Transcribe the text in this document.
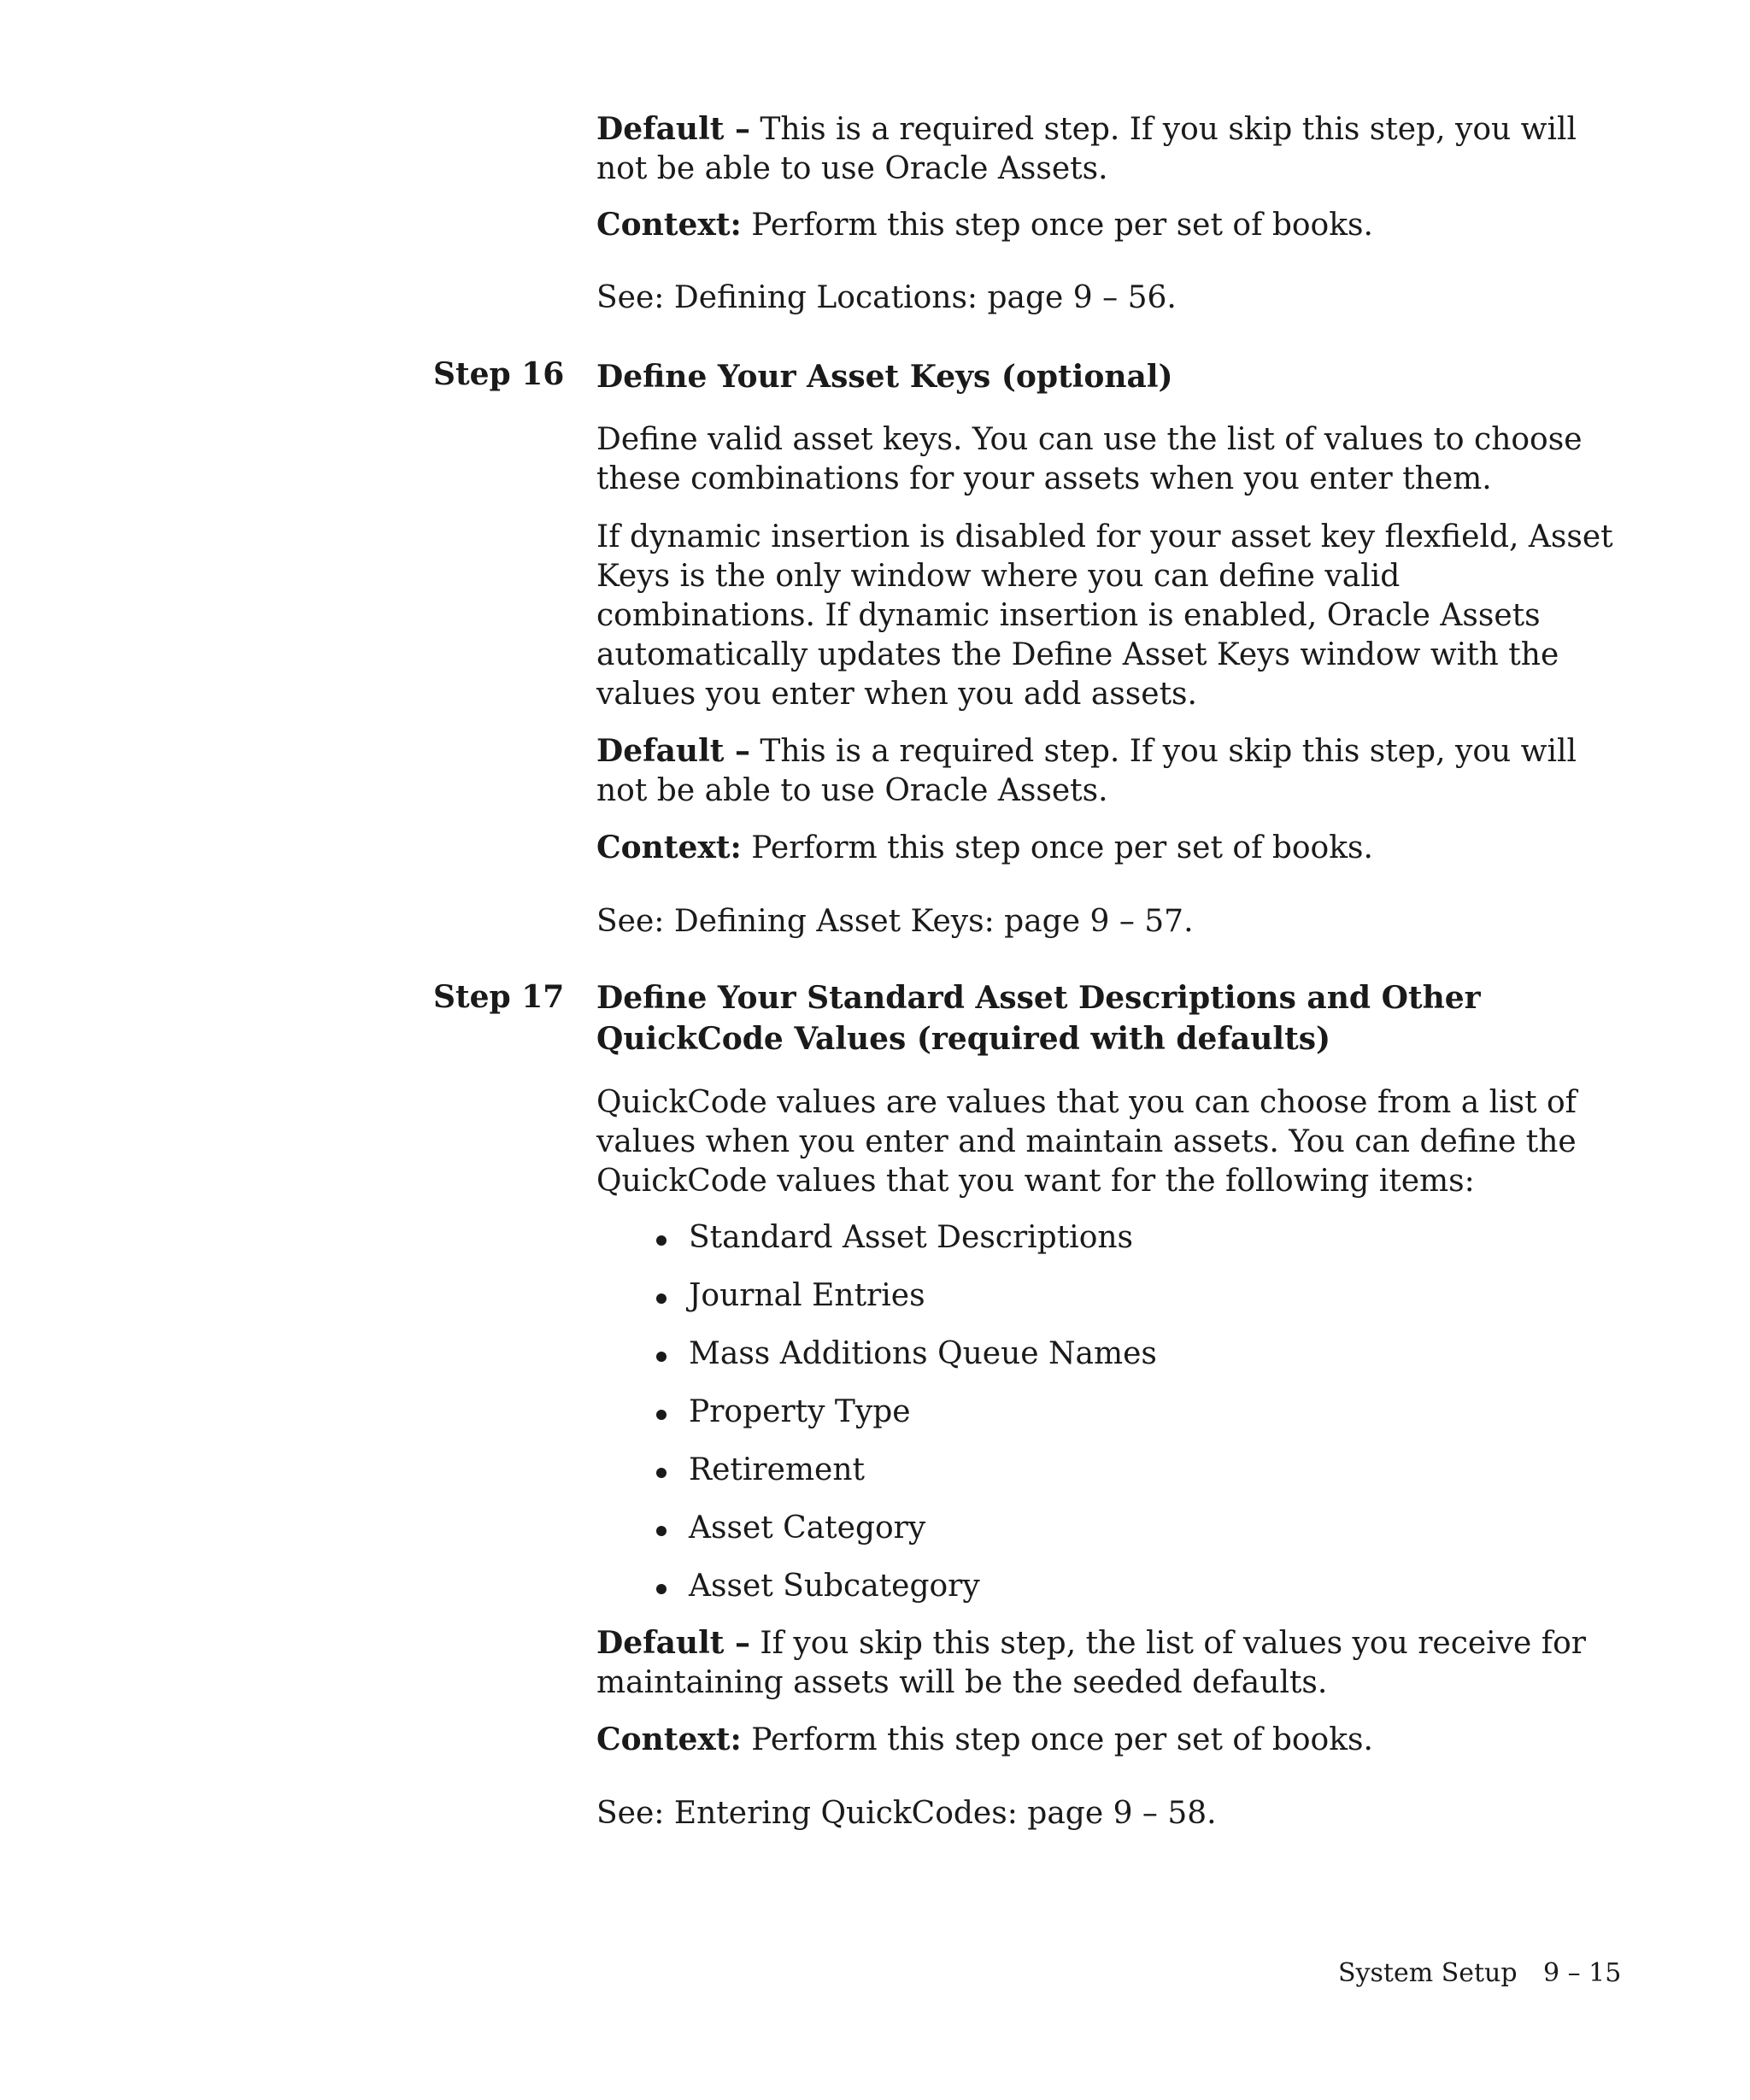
Default – This is a required step. If you skip this step, you will not be able to use Oracle Assets.

Context: Perform this step once per set of books.

See: Defining Locations: page 9 – 56.

Step 16 Define Your Asset Keys (optional)

Define valid asset keys. You can use the list of values to choose these combinations for your assets when you enter them.

If dynamic insertion is disabled for your asset key flexfield, Asset Keys is the only window where you can define valid combinations. If dynamic insertion is enabled, Oracle Assets automatically updates the Define Asset Keys window with the values you enter when you add assets.

Default – This is a required step. If you skip this step, you will not be able to use Oracle Assets.

Context: Perform this step once per set of books.

See: Defining Asset Keys: page 9 – 57.

Step 17 Define Your Standard Asset Descriptions and Other QuickCode Values (required with defaults)

QuickCode values are values that you can choose from a list of values when you enter and maintain assets. You can define the QuickCode values that you want for the following items:

Standard Asset Descriptions
Journal Entries
Mass Additions Queue Names
Property Type
Retirement
Asset Category
Asset Subcategory

Default – If you skip this step, the list of values you receive for maintaining assets will be the seeded defaults.

Context: Perform this step once per set of books.

See: Entering QuickCodes: page 9 – 58.

System Setup 9 – 15
